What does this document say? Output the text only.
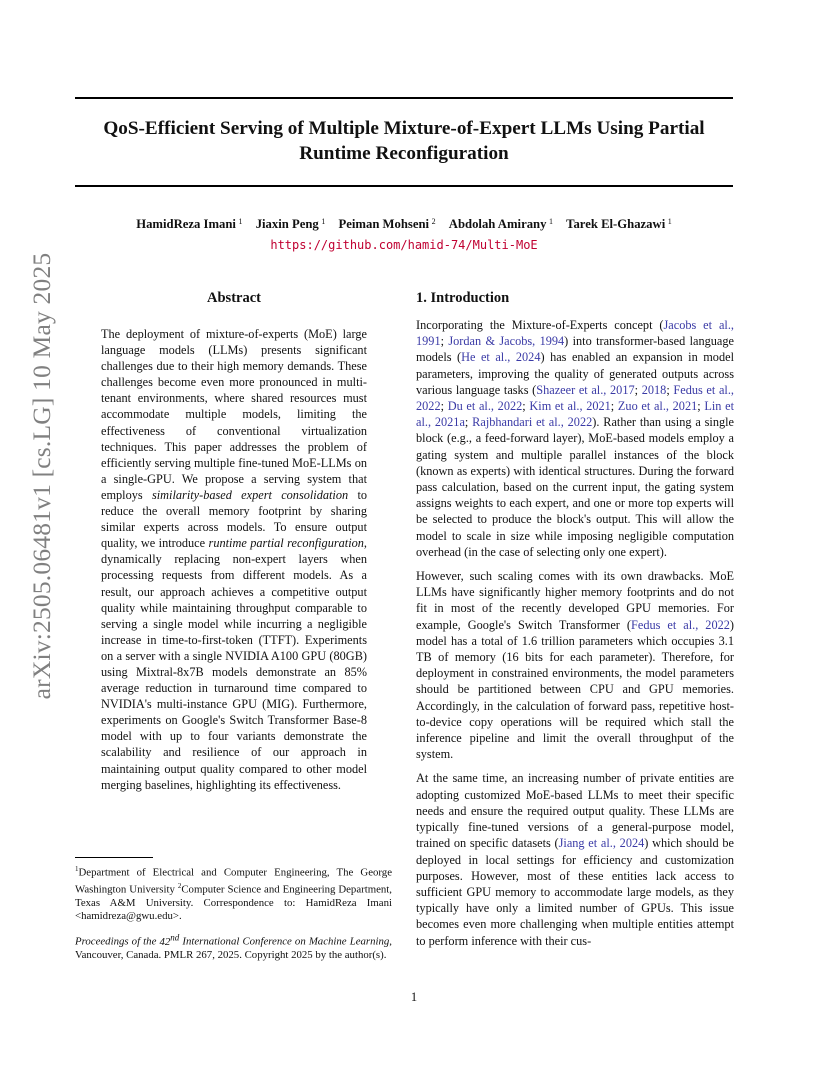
arXiv:2505.06481v1 [cs.LG] 10 May 2025
QoS-Efficient Serving of Multiple Mixture-of-Expert LLMs Using Partial Runtime Reconfiguration
HamidReza Imani  $^1$ Jiaxin Peng  $^1$ Peiman Mohseni  $^2$ Abdolah Amirany  $^1$ Tarek El-Ghazawi  $^1$
https://github.com/hamid-74/Multi-MoE
Abstract

The deployment of mixture-of-experts (MoE) large language models (LLMs) presents significant challenges due to their high memory demands. These challenges become even more pronounced in multi-tenant environments, where shared resources must accommodate multiple models, limiting the effectiveness of conventional virtualization techniques. This paper addresses the problem of efficiently serving multiple fine-tuned MoE-LLMs on a single-GPU. We propose a serving system that employs similarity-based expert consolidation to reduce the overall memory footprint by sharing similar experts across models. To ensure output quality, we introduce runtime partial reconfiguration, dynamically replacing non-expert layers when processing requests from different models. As a result, our approach achieves a competitive output quality while maintaining throughput comparable to serving a single model while incurring a negligible increase in time-to-first-token (TTFT). Experiments on a server with a single NVIDIA A100 GPU (80GB) using Mixtral-8x7B models demonstrate an 85% average reduction in turnaround time compared to NVIDIA's multi-instance GPU (MIG). Furthermore, experiments on Google's Switch Transformer Base-8 model with up to four variants demonstrate the scalability and resilience of our approach in maintaining output quality compared to other model merging baselines, highlighting its effectiveness.

1. Introduction

Incorporating the Mixture-of-Experts concept (Jacobs et al., 1991; Jordan & Jacobs, 1994) into transformer-based language models (He et al., 2024) has enabled an expansion in model parameters, improving the quality of generated outputs across various language tasks (Shazeer et al., 2017; 2018; Fedus et al., 2022; Du et al., 2022; Kim et al., 2021; Zuo et al., 2021; Lin et al., 2021a; Rajbhandari et al., 2022). Rather than using a single block (e.g., a feed-forward layer), MoE-based models employ a gating system and multiple parallel instances of the block (known as experts) with identical structures. During the forward pass calculation, based on the current input, the gating system assigns weights to each expert, and one or more top experts will be selected to produce the block's output. This will allow the model to scale in size while imposing negligible computation overhead (in the case of selecting only one expert).

However, such scaling comes with its own drawbacks. MoE LLMs have significantly higher memory footprints and do not fit in most of the recently developed GPU memories. For example, Google's Switch Transformer (Fedus et al., 2022) model has a total of 1.6 trillion parameters which occupies 3.1 TB of memory (16 bits for each parameter). Therefore, for deployment in constrained environments, the model parameters should be partitioned between CPU and GPU memories. Accordingly, in the calculation of forward pass, repetitive host-to-device copy operations will be required which stall the inference pipeline and limit the overall throughput of the system.

At the same time, an increasing number of private entities are adopting customized MoE-based LLMs to meet their specific needs and ensure the required output quality. These LLMs are typically fine-tuned versions of a general-purpose model, trained on specific datasets (Jiang et al., 2024) which should be deployed in local settings for efficiency and customization purposes. However, most of these entities lack access to sufficient GPU memory to accommodate large models, as they typically have only a limited number of GPUs. This issue becomes even more challenging when multiple entities attempt to perform inference with their cus-

$^1$Department of Electrical and Computer Engineering, The George Washington University $^2$Computer Science and Engineering Department, Texas A&M University. Correspondence to: HamidReza Imani <hamidreza@gwu.edu>.

Proceedings of the 42nd International Conference on Machine Learning, Vancouver, Canada. PMLR 267, 2025. Copyright 2025 by the author(s).

1
